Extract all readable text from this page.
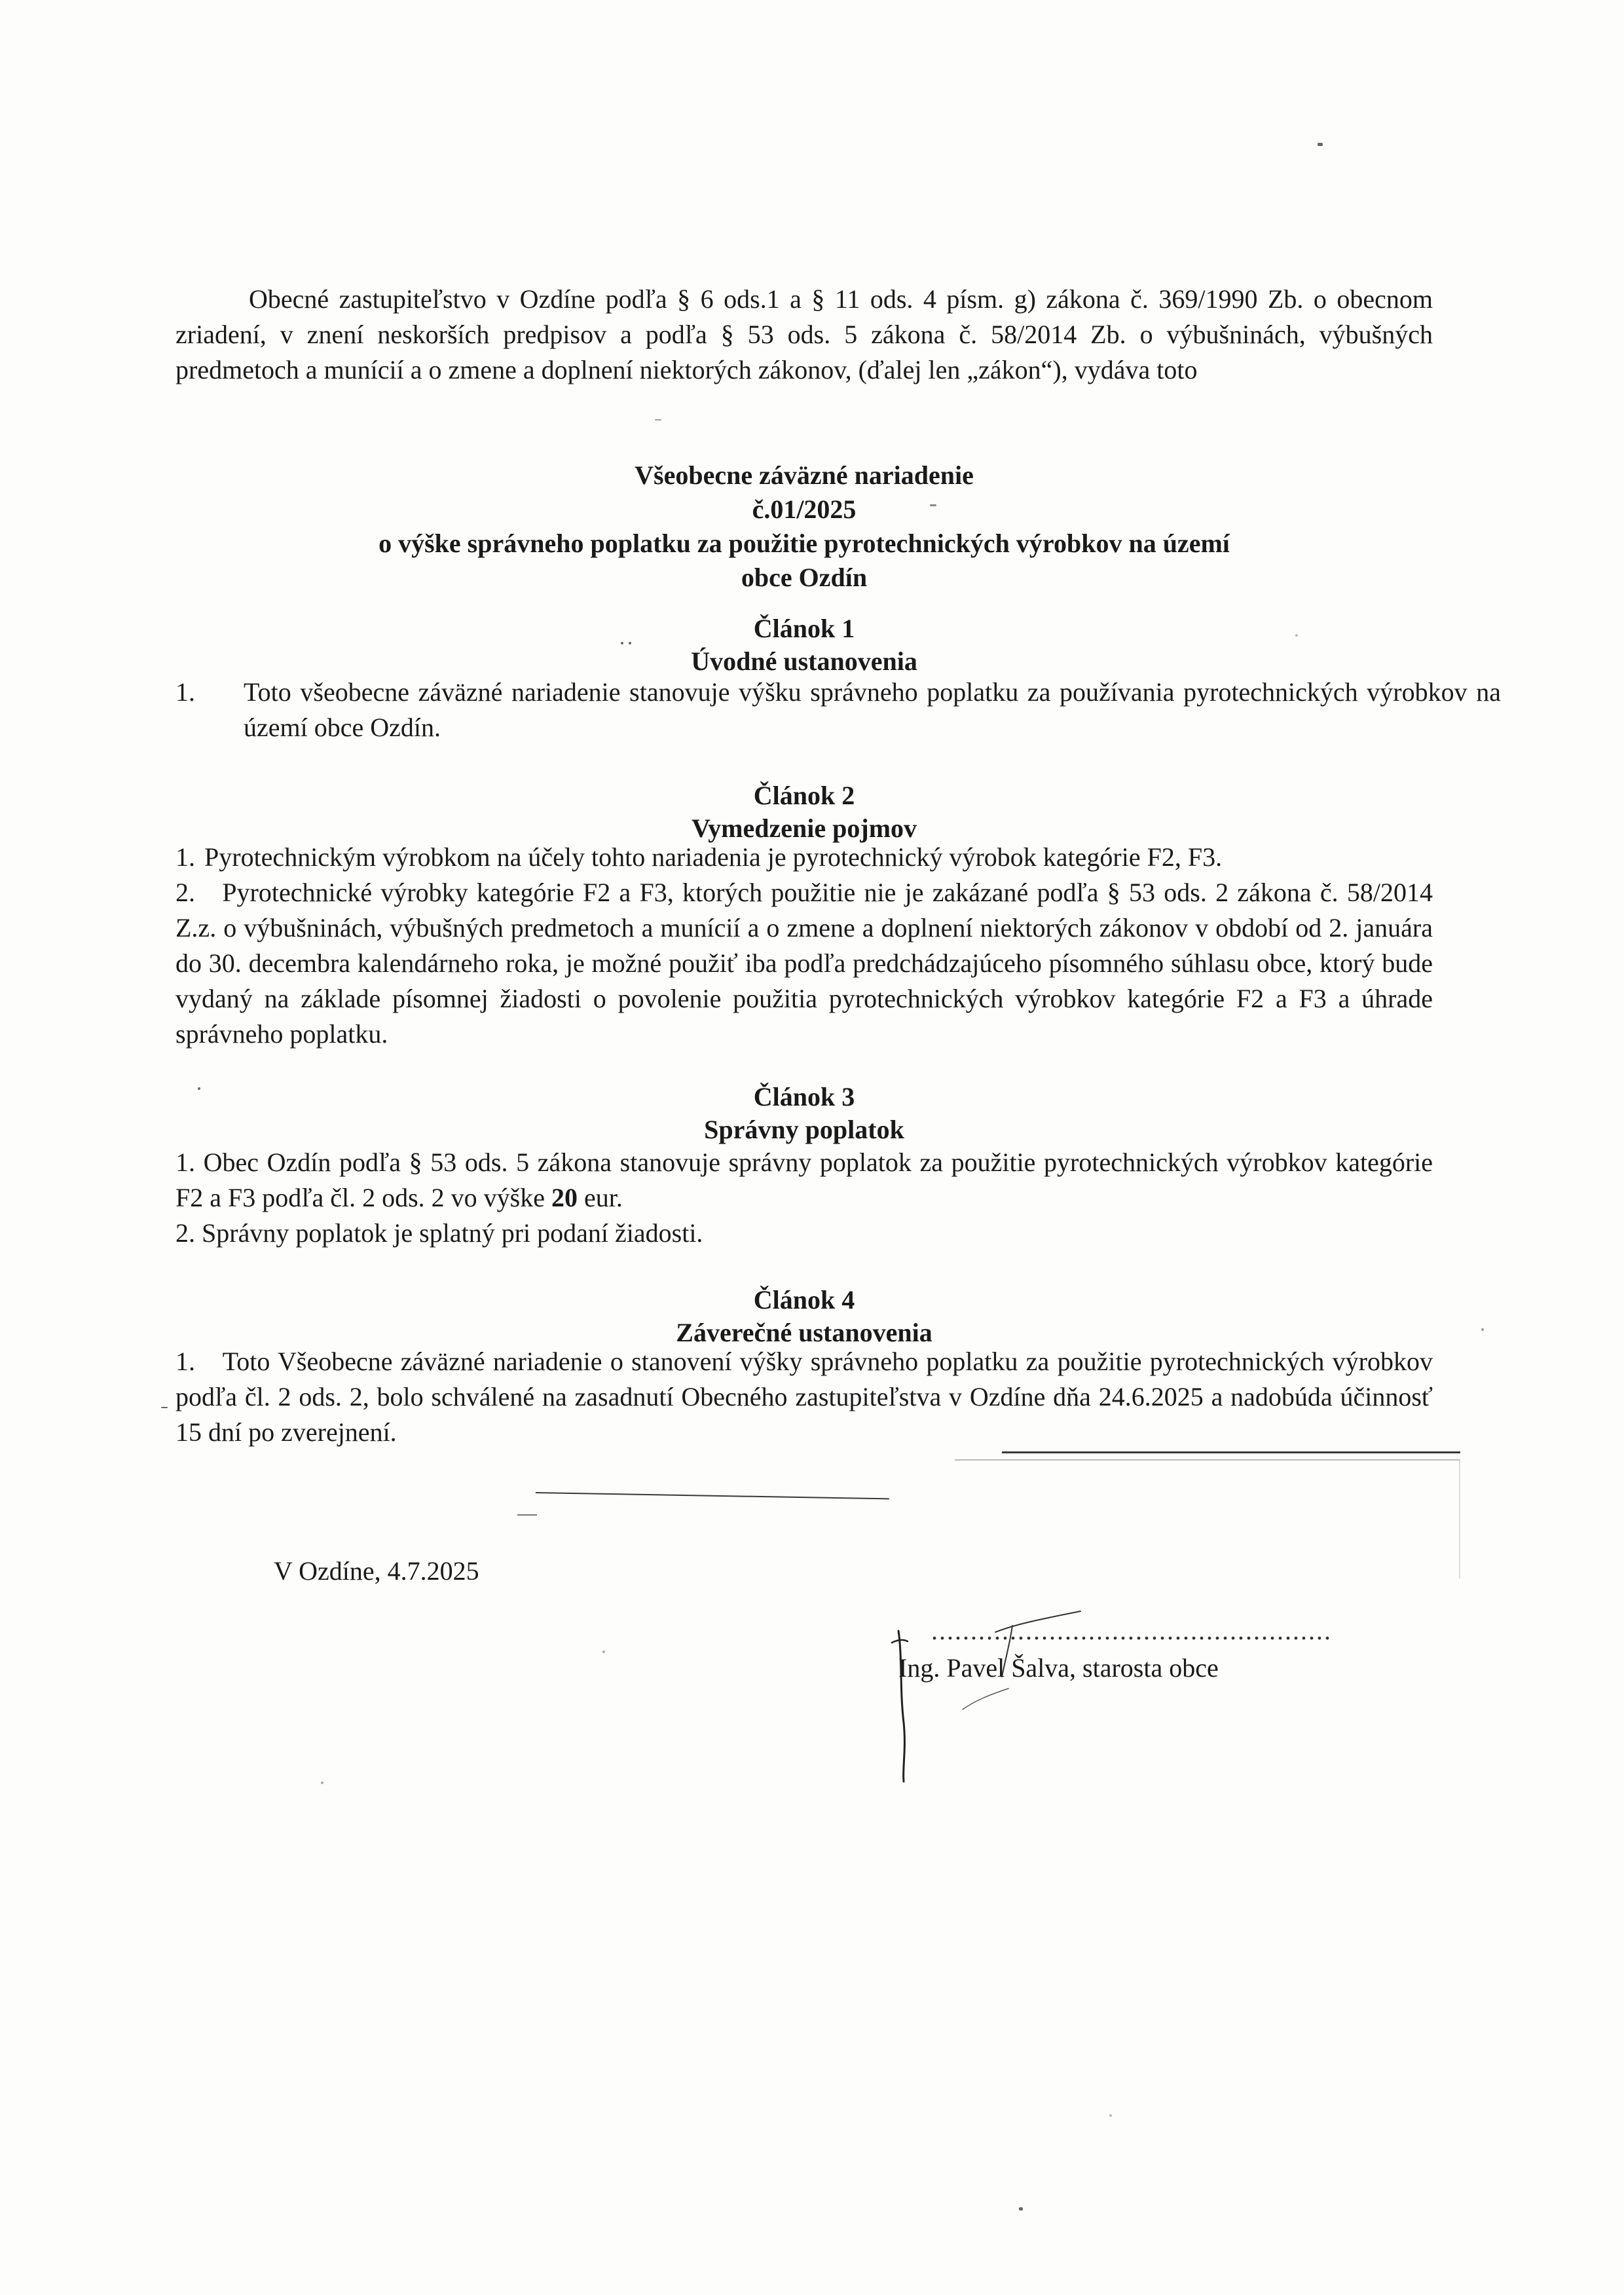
Obecné zastupiteľstvo v Ozdíne podľa § 6 ods.1 a § 11 ods. 4 písm. g) zákona č. 369/1990 Zb. o obecnom zriadení, v znení neskorších predpisov a podľa § 53 ods. 5 zákona č. 58/2014 Zb. o výbušninách, výbušných predmetoch a munícií a o zmene a doplnení niektorých zákonov, (ďalej len „zákon“), vydáva toto

Všeobecne záväzné nariadenie
č.01/2025
o výške správneho poplatku za použitie pyrotechnických výrobkov na území
obce Ozdín
Článok 1
Úvodné ustanovenia
1. Toto všeobecne záväzné nariadenie stanovuje výšku správneho poplatku za používania pyrotechnických výrobkov na území obce Ozdín.
Článok 2
Vymedzenie pojmov
1. Pyrotechnickým výrobkom na účely tohto nariadenia je pyrotechnický výrobok kategórie F2, F3.
2. Pyrotechnické výrobky kategórie F2 a F3, ktorých použitie nie je zakázané podľa § 53 ods. 2 zákona č. 58/2014 Z.z. o výbušninách, výbušných predmetoch a munícií a o zmene a doplnení niektorých zákonov v období od 2. januára do 30. decembra kalendárneho roka, je možné použiť iba podľa predchádzajúceho písomného súhlasu obce, ktorý bude vydaný na základe písomnej žiadosti o povolenie použitia pyrotechnických výrobkov kategórie F2 a F3 a úhrade správneho poplatku.
Článok 3
Správny poplatok
1. Obec Ozdín podľa § 53 ods. 5 zákona stanovuje správny poplatok za použitie pyrotechnických výrobkov kategórie F2 a F3 podľa čl. 2 ods. 2 vo výške 20 eur.
2. Správny poplatok je splatný pri podaní žiadosti.
Článok 4
Záverečné ustanovenia
1. Toto Všeobecne záväzné nariadenie o stanovení výšky správneho poplatku za použitie pyrotechnických výrobkov podľa čl. 2 ods. 2, bolo schválené na zasadnutí Obecného zastupiteľstva v Ozdíne dňa 24.6.2025 a nadobúda účinnosť 15 dní po zverejnení.
V Ozdíne, 4.7.2025
...................................................
Ing. Pavel Šalva, starosta obce
